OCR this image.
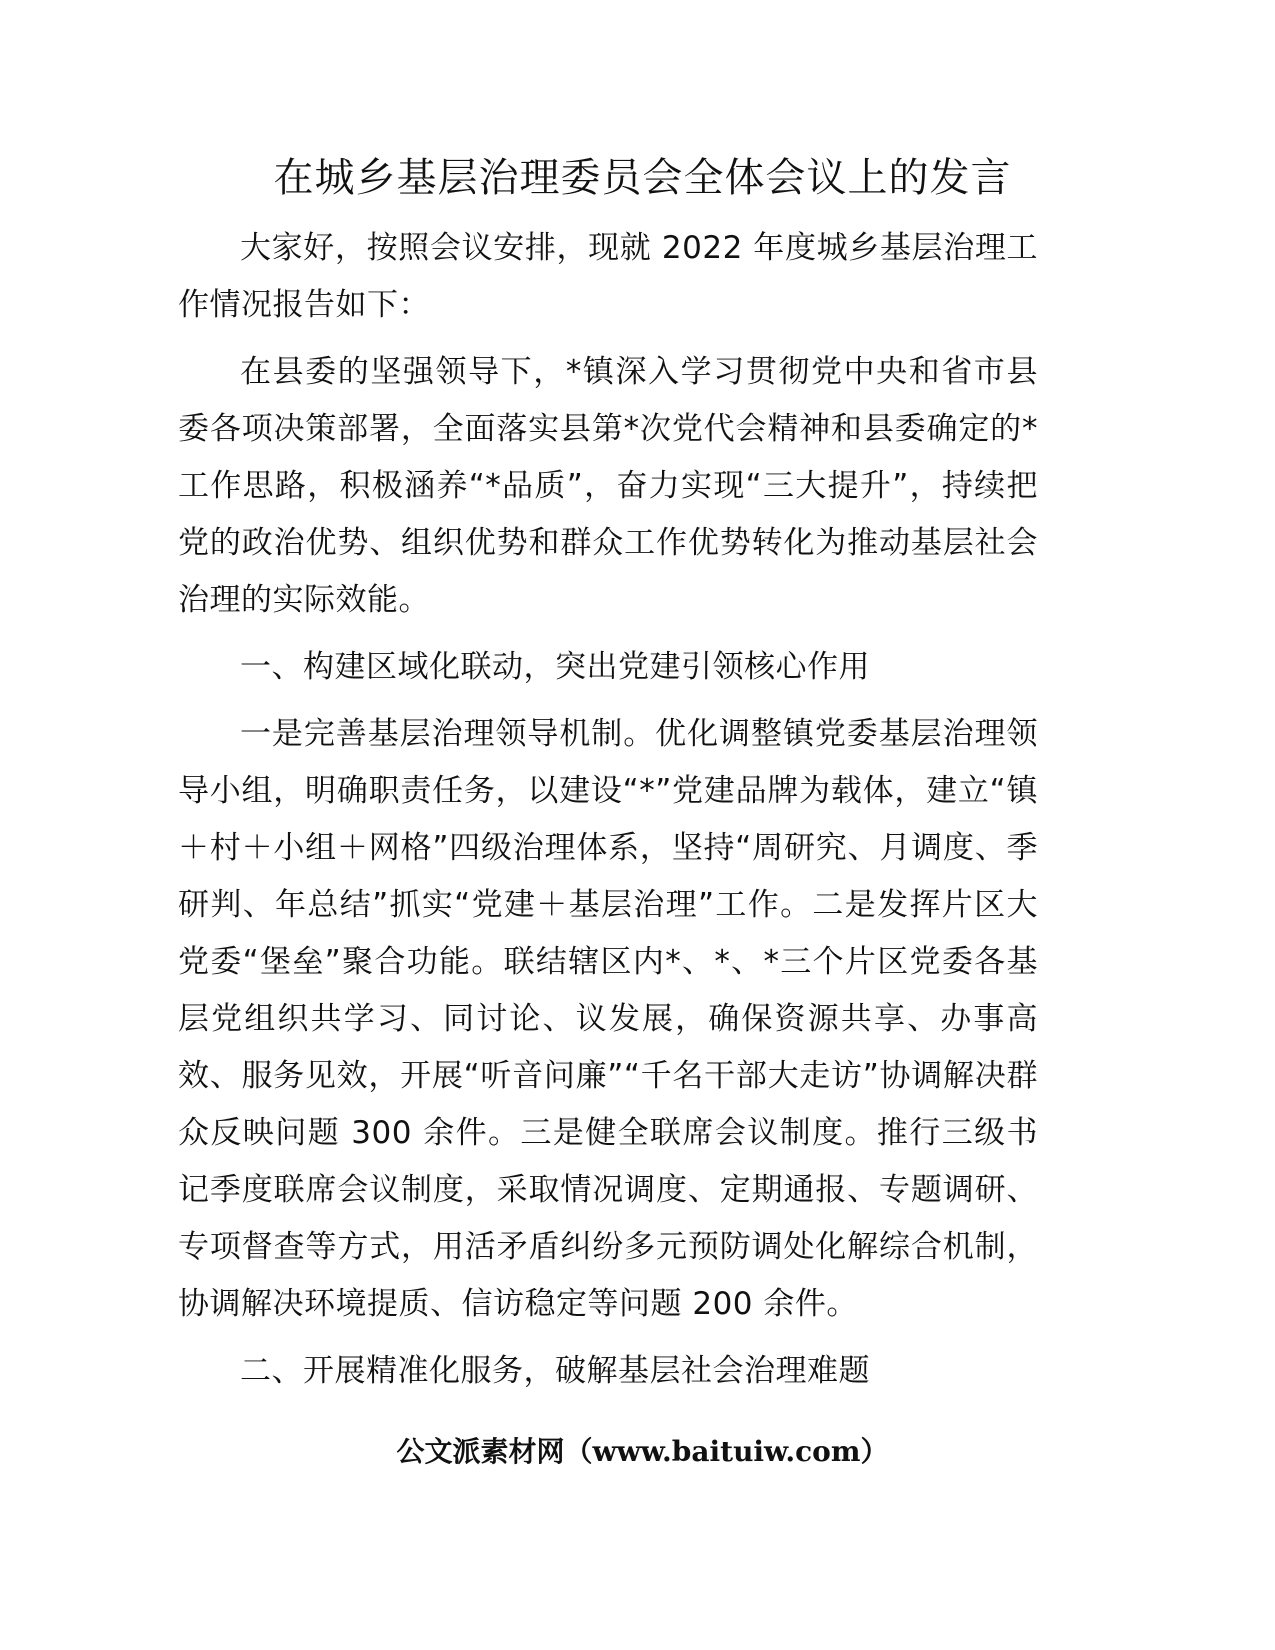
在城乡基层治理委员会全体会议上的发言

大家好，按照会议安排，现就 2022 年度城乡基层治理工作情况报告如下：

在县委的坚强领导下，*镇深入学习贯彻党中央和省市县委各项决策部署，全面落实县第*次党代会精神和县委确定的*工作思路，积极涵养“*品质”，奋力实现“三大提升”，持续把党的政治优势、组织优势和群众工作优势转化为推动基层社会治理的实际效能。

一、构建区域化联动，突出党建引领核心作用

一是完善基层治理领导机制。优化调整镇党委基层治理领导小组，明确职责任务，以建设“*”党建品牌为载体，建立“镇＋村＋小组＋网格”四级治理体系，坚持“周研究、月调度、季研判、年总结”抓实“党建＋基层治理”工作。二是发挥片区大党委“堡垒”聚合功能。联结辖区内*、*、*三个片区党委各基层党组织共学习、同讨论、议发展，确保资源共享、办事高效、服务见效，开展“听音问廉”“千名干部大走访”协调解决群众反映问题 300 余件。三是健全联席会议制度。推行三级书记季度联席会议制度，采取情况调度、定期通报、专题调研、专项督查等方式，用活矛盾纠纷多元预防调处化解综合机制，协调解决环境提质、信访稳定等问题 200 余件。

二、开展精准化服务，破解基层社会治理难题

公文派素材网（www.baituiw.com）
